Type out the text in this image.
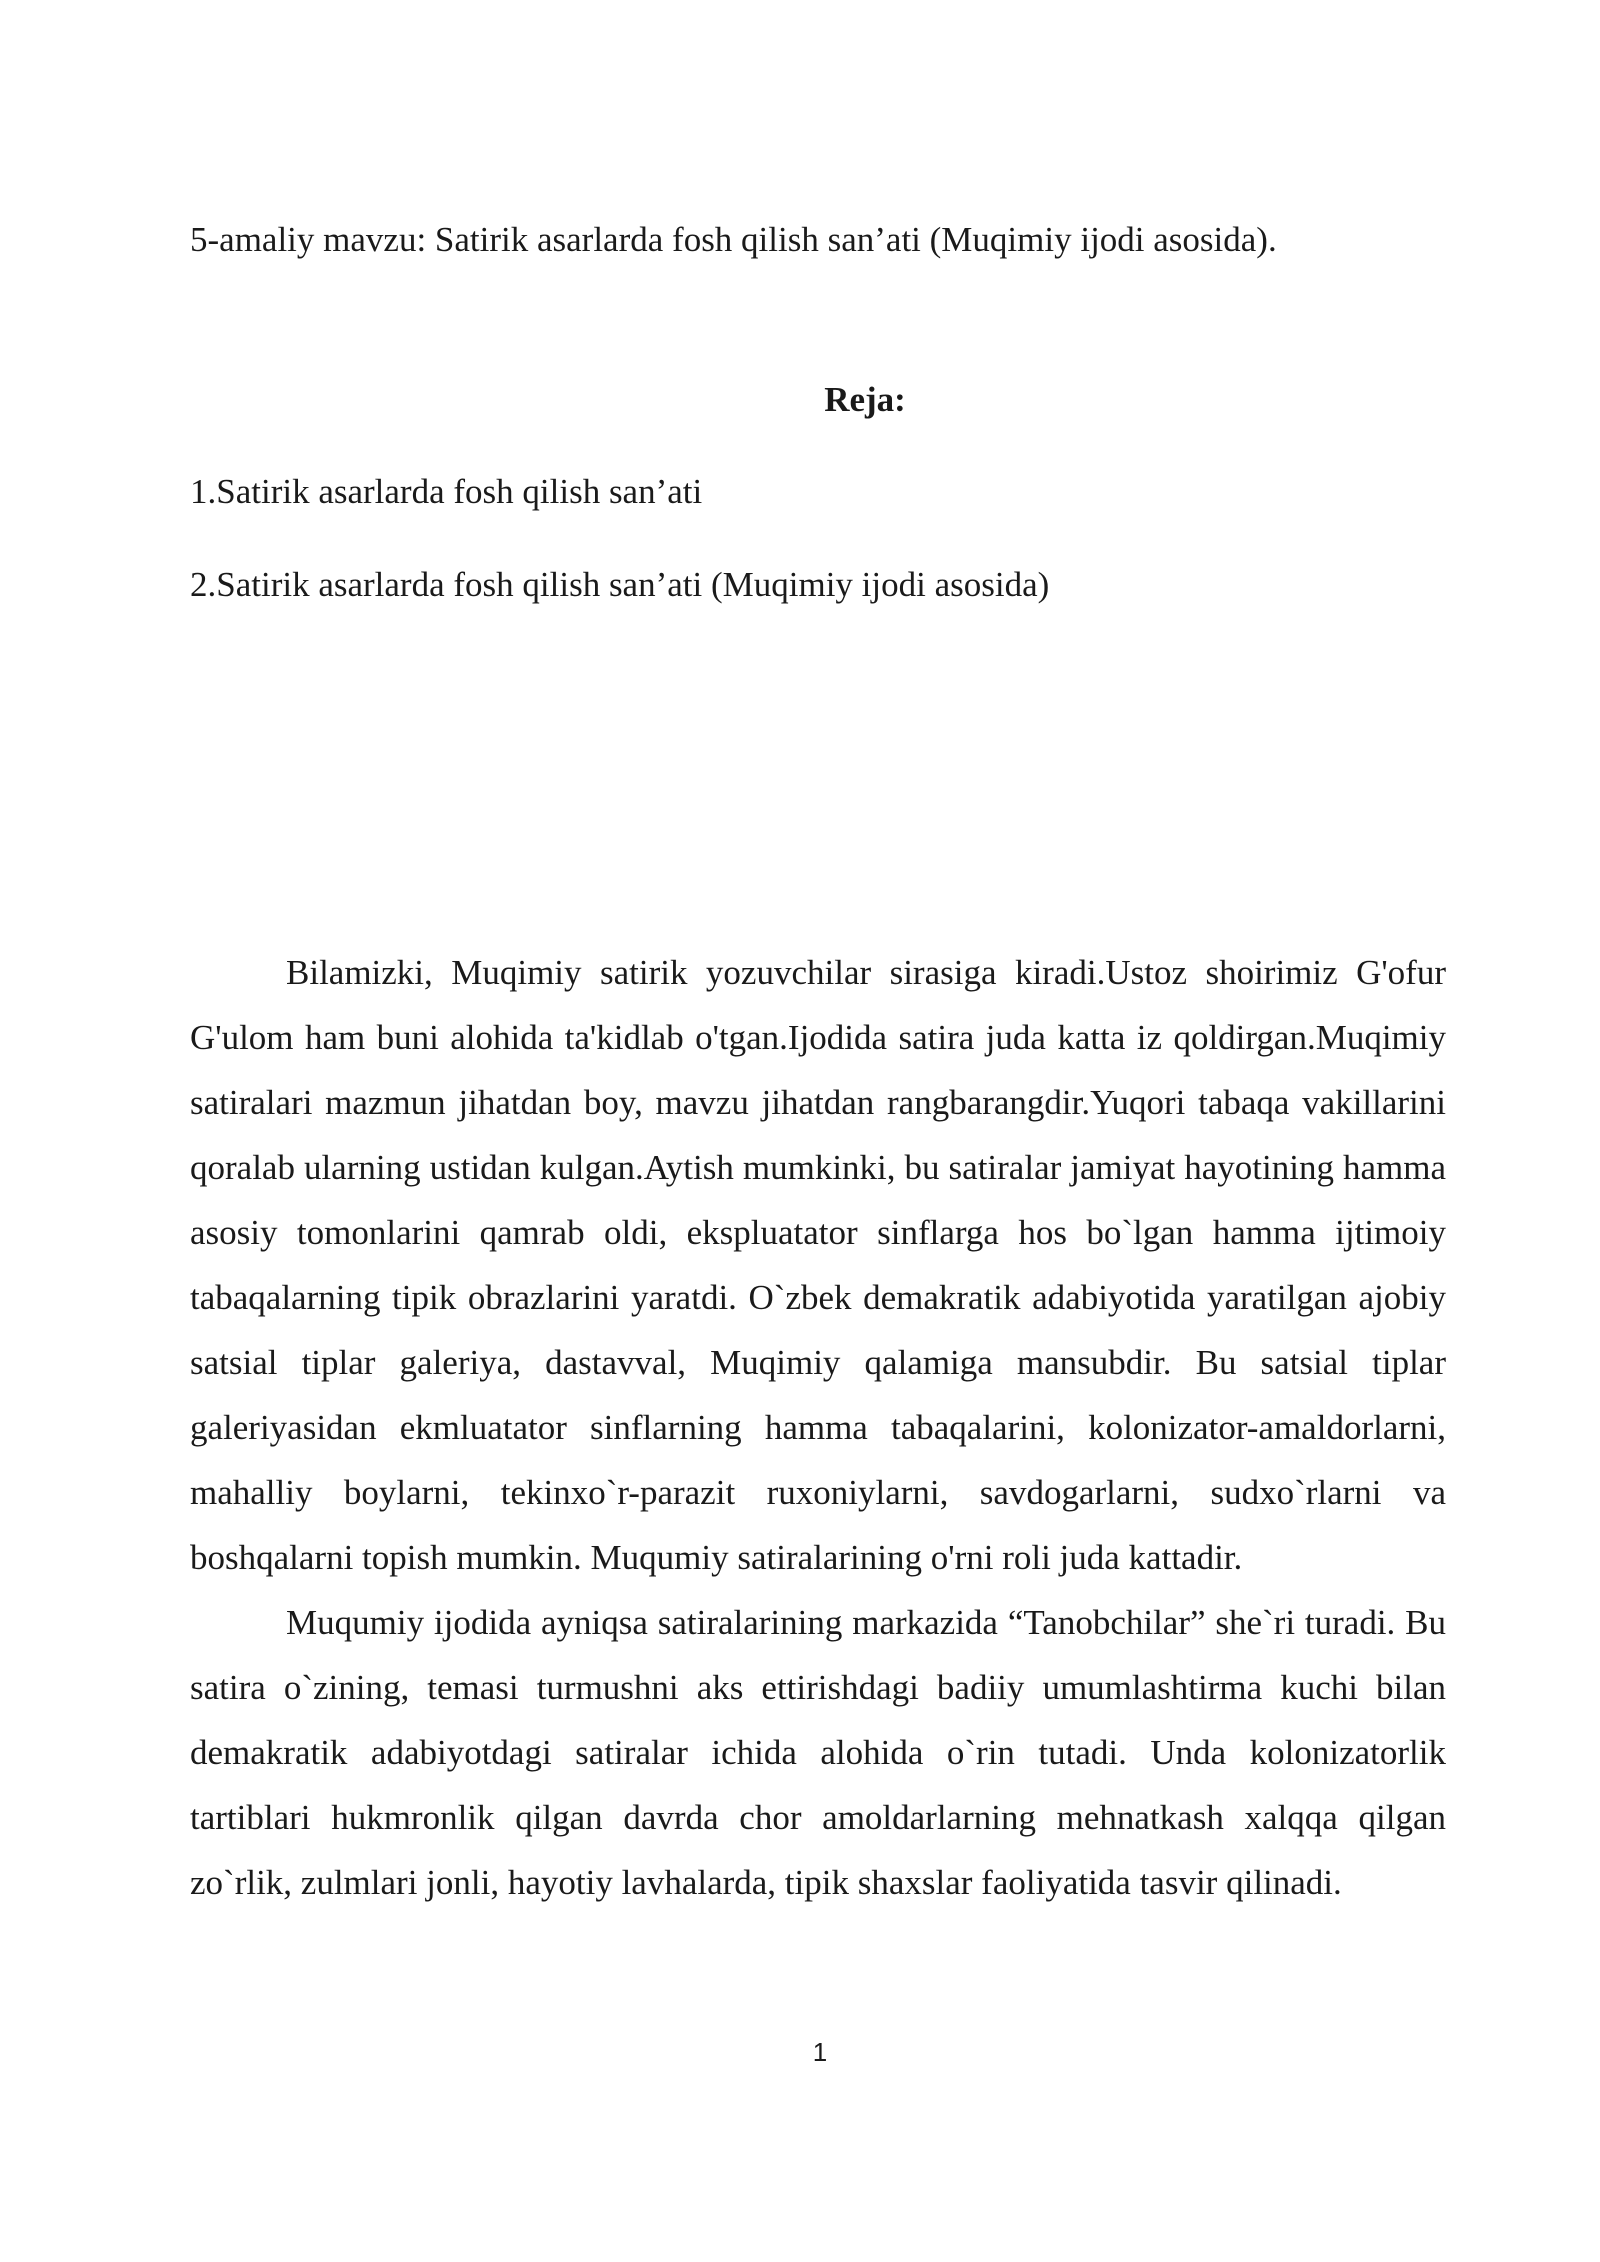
5-amaliy mavzu: Satirik asarlarda fosh qilish san’ati (Muqimiy ijodi asosida).
Reja:
1.Satirik asarlarda fosh qilish san’ati
2.Satirik asarlarda fosh qilish san’ati (Muqimiy ijodi asosida)

Bilamizki, Muqimiy satirik yozuvchilar sirasiga kiradi.Ustoz shoirimiz G'ofur G'ulom ham buni alohida ta'kidlab o'tgan.Ijodida satira juda katta iz qoldirgan.Muqimiy satiralari mazmun jihatdan boy, mavzu jihatdan rangbarangdir.Yuqori tabaqa vakillarini qoralab ularning ustidan kulgan.Aytish mumkinki, bu satiralar jamiyat hayotining hamma asosiy tomonlarini qamrab oldi, ekspluatator sinflarga hos bo`lgan hamma ijtimoiy tabaqalarning tipik obrazlarini yaratdi. O`zbek demakratik adabiyotida yaratilgan ajobiy satsial tiplar galeriya, dastavval, Muqimiy qalamiga mansubdir. Bu satsial tiplar galeriyasidan ekmluatator sinflarning hamma tabaqalarini, kolonizator-amaldorlarni, mahalliy boylarni, tekinxo`r-parazit ruxoniylarni, savdogarlarni, sudxo`rlarni va boshqalarni topish mumkin. Muqumiy satiralarining o'rni roli juda kattadir.

Muqumiy ijodida ayniqsa satiralarining markazida “Tanobchilar” she`ri turadi. Bu satira o`zining, temasi turmushni aks ettirishdagi badiiy umumlashtirma kuchi bilan demakratik adabiyotdagi satiralar ichida alohida o`rin tutadi. Unda kolonizatorlik tartiblari hukmronlik qilgan davrda chor amoldarlarning mehnatkash xalqqa qilgan zo`rlik, zulmlari jonli, hayotiy lavhalarda, tipik shaxslar faoliyatida tasvir qilinadi.

1
